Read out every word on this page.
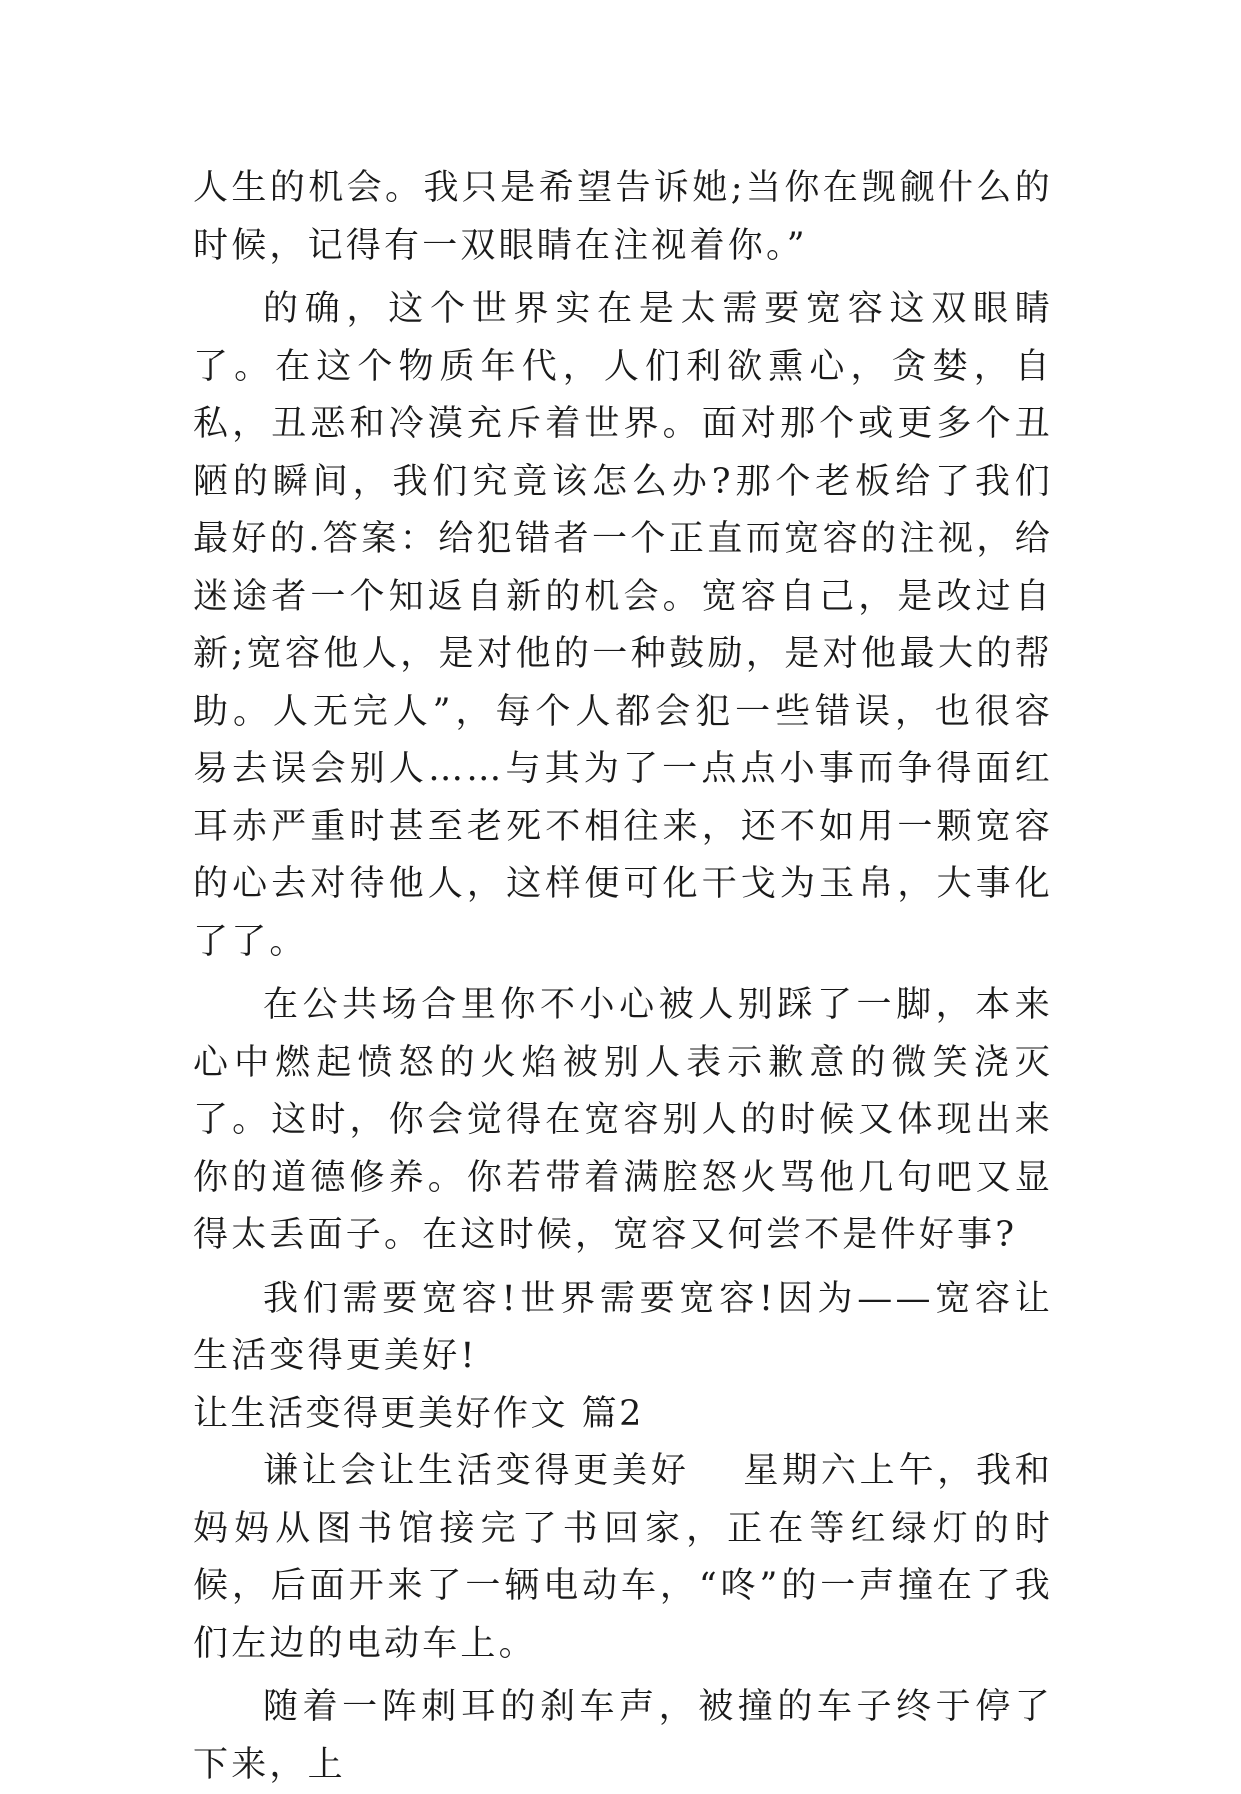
人生的机会。我只是希望告诉她;当你在觊觎什么的时候，记得有一双眼睛在注视着你。”

的确，这个世界实在是太需要宽容这双眼睛了。在这个物质年代，人们利欲熏心，贪婪，自私，丑恶和冷漠充斥着世界。面对那个或更多个丑陋的瞬间，我们究竟该怎么办?那个老板给了我们最好的.答案：给犯错者一个正直而宽容的注视，给迷途者一个知返自新的机会。宽容自己，是改过自新;宽容他人，是对他的一种鼓励，是对他最大的帮助。人无完人”，每个人都会犯一些错误，也很容易去误会别人……与其为了一点点小事而争得面红耳赤严重时甚至老死不相往来，还不如用一颗宽容的心去对待他人，这样便可化干戈为玉帛，大事化了了。

在公共场合里你不小心被人别踩了一脚，本来心中燃起愤怒的火焰被别人表示歉意的微笑浇灭了。这时，你会觉得在宽容别人的时候又体现出来你的道德修养。你若带着满腔怒火骂他几句吧又显得太丢面子。在这时候，宽容又何尝不是件好事?

我们需要宽容!世界需要宽容!因为——宽容让生活变得更美好!

让生活变得更美好作文 篇2

谦让会让生活变得更美好　 星期六上午，我和妈妈从图书馆接完了书回家，正在等红绿灯的时候，后面开来了一辆电动车，“咚”的一声撞在了我们左边的电动车上。

随着一阵刺耳的刹车声，被撞的车子终于停了下来，上
